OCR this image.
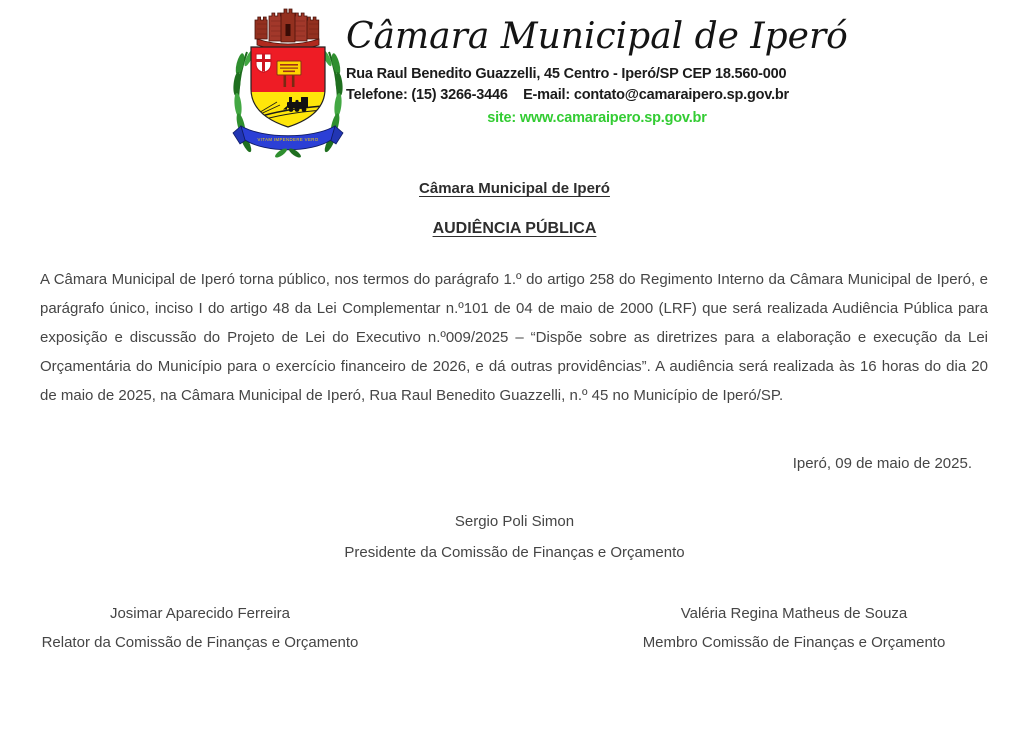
VITAM IMPENDERE VERO
Câmara Municipal de Iperó
Rua Raul Benedito Guazzelli, 45 Centro - Iperó/SP CEP 18.560-000
Telefone: (15) 3266-3446    E-mail: contato@camaraipero.sp.gov.br
site: www.camaraipero.sp.gov.br
Câmara Municipal de Iperó
AUDIÊNCIA PÚBLICA

A Câmara Municipal de Iperó torna público, nos termos do parágrafo 1.º do artigo 258 do Regimento Interno da Câmara Municipal de Iperó, e parágrafo único, inciso I do artigo 48 da Lei Complementar n.º101 de 04 de maio de 2000 (LRF) que será realizada Audiência Pública para exposição e discussão do Projeto de Lei do Executivo n.º009/2025 – “Dispõe sobre as diretrizes para a elaboração e execução da Lei Orçamentária do Município para o exercício financeiro de 2026, e dá outras providências”. A audiência será realizada às 16 horas do dia 20 de maio de 2025, na Câmara Municipal de Iperó, Rua Raul Benedito Guazzelli, n.º 45 no Município de Iperó/SP.

Iperó, 09 de maio de 2025.
Sergio Poli Simon
Presidente da Comissão de Finanças e Orçamento
Josimar Aparecido Ferreira
Relator da Comissão de Finanças e Orçamento
Valéria Regina Matheus de Souza
Membro Comissão de Finanças e Orçamento
